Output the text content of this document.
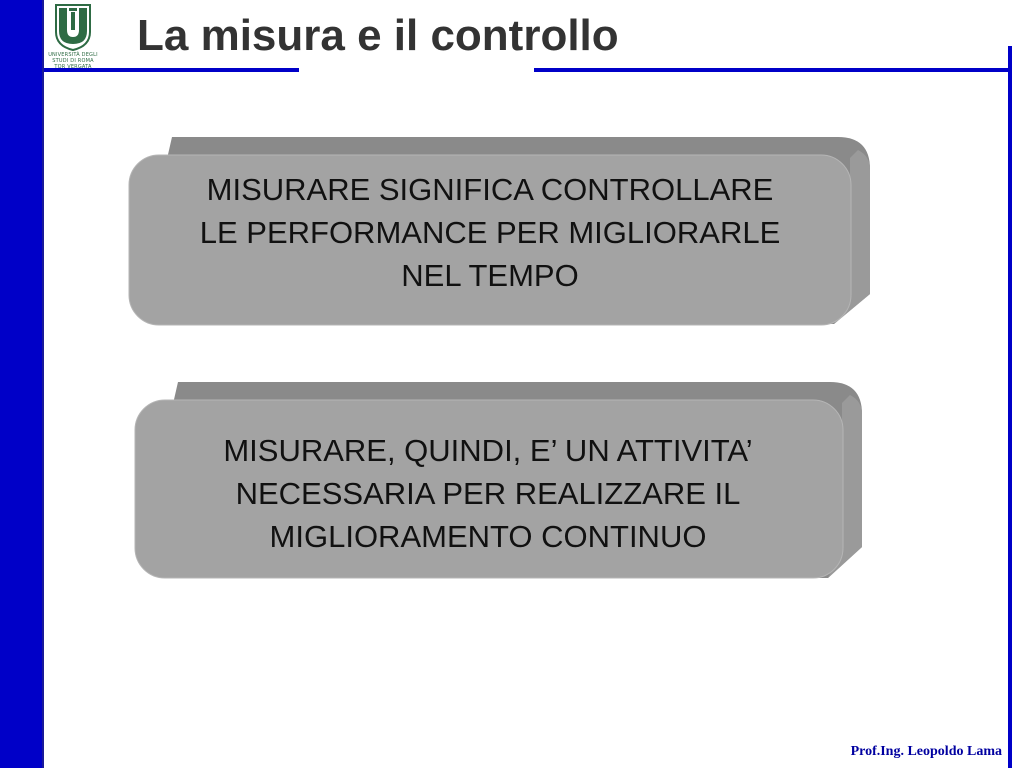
UNIVERSITÀ DEGLI STUDI DI ROMA
TOR VERGATA
La misura e il controllo
MISURARE SIGNIFICA CONTROLLARE
LE PERFORMANCE PER MIGLIORARLE
NEL TEMPO
MISURARE, QUINDI, E’ UN ATTIVITA’
NECESSARIA PER REALIZZARE IL
MIGLIORAMENTO CONTINUO
Prof.Ing. Leopoldo Lama
